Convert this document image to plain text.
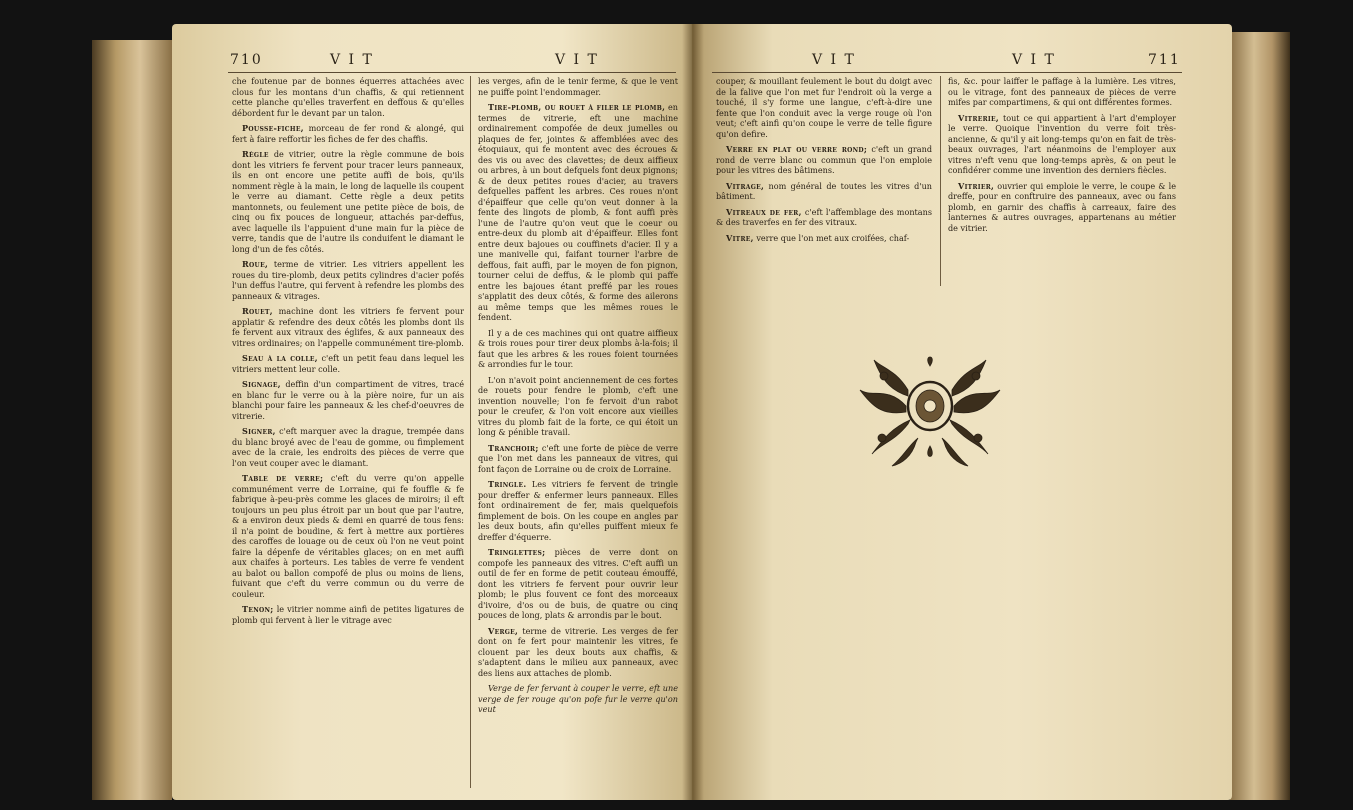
710	V I T	V I T

che foutenue par de bonnes équerres attachées avec clous fur les montans d'un chaffis, & qui retiennent cette planche qu'elles traverfent en deffous & qu'elles débordent fur le devant par un talon.

Pousse-fiche, morceau de fer rond & alongé, qui fert à faire reffortir les fiches de fer des chaffis.

Règle de vitrier, outre la règle commune de bois dont les vitriers fe fervent pour tracer leurs panneaux, ils en ont encore une petite auffi de bois, qu'ils nomment règle à la main, le long de laquelle ils coupent le verre au diamant. Cette règle a deux petits mantonnets, ou feulement une petite pièce de bois, de cinq ou fix pouces de longueur, attachés par-deffus, avec laquelle ils l'appuient d'une main fur la pièce de verre, tandis que de l'autre ils conduifent le diamant le long d'un de fes côtés.

Roue, terme de vitrier. Les vitriers appellent les roues du tire-plomb, deux petits cylindres d'acier pofés l'un deffus l'autre, qui fervent à refendre les plombs des panneaux & vitrages.

Rouet, machine dont les vitriers fe fervent pour applatir & refendre des deux côtés les plombs dont ils fe fervent aux vitraux des églifes, & aux panneaux des vitres ordinaires; on l'appelle communément tire-plomb.

Seau à la colle, c'eft un petit feau dans lequel les vitriers mettent leur colle.

Signage, deffin d'un compartiment de vitres, tracé en blanc fur le verre ou à la pière noire, fur un ais blanchi pour faire les panneaux & les chef-d'oeuvres de vitrerie.

Signer, c'eft marquer avec la drague, trempée dans du blanc broyé avec de l'eau de gomme, ou fimplement avec de la craie, les endroits des pièces de verre que l'on veut couper avec le diamant.

Table de verre; c'eft du verre qu'on appelle communément verre de Lorraine, qui fe fouffle & fe fabrique à-peu-près comme les glaces de miroirs; il eft toujours un peu plus étroit par un bout que par l'autre, & a environ deux pieds & demi en quarré de tous fens: il n'a point de boudine, & fert à mettre aux portières des caroffes de louage ou de ceux où l'on ne veut point faire la dépenfe de véritables glaces; on en met auffi aux chaifes à porteurs. Les tables de verre fe vendent au balot ou ballon compofé de plus ou moins de liens, fuivant que c'eft du verre commun ou du verre de couleur.

Tenon; le vitrier nomme ainfi de petites ligatures de plomb qui fervent à lier le vitrage avec

les verges, afin de le tenir ferme, & que le vent ne puiffe point l'endommager.

Tire-plomb, ou rouet à filer le plomb, en termes de vitrerie, eft une machine ordinairement compofée de deux jumelles ou plaques de fer, jointes & affemblées avec des étoquiaux, qui fe montent avec des écroues & des vis ou avec des clavettes; de deux aiffieux ou arbres, à un bout defquels font deux pignons; & de deux petites roues d'acier, au travers defquelles paffent les arbres. Ces roues n'ont d'épaiffeur que celle qu'on veut donner à la fente des lingots de plomb, & font auffi près l'une de l'autre qu'on veut que le coeur ou entre-deux du plomb ait d'épaiffeur. Elles font entre deux bajoues ou couffinets d'acier. Il y a une manivelle qui, faifant tourner l'arbre de deffous, fait auffi, par le moyen de fon pignon, tourner celui de deffus, & le plomb qui paffe entre les bajoues étant preffé par les roues s'applatit des deux côtés, & forme des ailerons au même temps que les mêmes roues le fendent.

Il y a de ces machines qui ont quatre aiffieux & trois roues pour tirer deux plombs à-la-fois; il faut que les arbres & les roues foient tournées & arrondies fur le tour.

L'on n'avoit point anciennement de ces fortes de rouets pour fendre le plomb, c'eft une invention nouvelle; l'on fe fervoit d'un rabot pour le creufer, & l'on voit encore aux vieilles vitres du plomb fait de la forte, ce qui étoit un long & pénible travail.

Tranchoir; c'eft une forte de pièce de verre que l'on met dans les panneaux de vitres, qui font façon de Lorraine ou de croix de Lorraine.

Tringle. Les vitriers fe fervent de tringle pour dreffer & enfermer leurs panneaux. Elles font ordinairement de fer, mais quelquefois fimplement de bois. On les coupe en angles par les deux bouts, afin qu'elles puiffent mieux fe dreffer d'équerre.

Tringlettes; pièces de verre dont on compofe les panneaux des vitres. C'eft auffi un outil de fer en forme de petit couteau émouffé, dont les vitriers fe fervent pour ouvrir leur plomb; le plus fouvent ce font des morceaux d'ivoire, d'os ou de buis, de quatre ou cinq pouces de long, plats & arrondis par le bout.

Verge, terme de vitrerie. Les verges de fer dont on fe fert pour maintenir les vitres, fe clouent par les deux bouts aux chaffis, & s'adaptent dans le milieu aux panneaux, avec des liens aux attaches de plomb.

Verge de fer fervant à couper le verre, eft une verge de fer rouge qu'on pofe fur le verre qu'on veut

V I T	V I T	711

couper, & mouillant feulement le bout du doigt avec de la falive que l'on met fur l'endroit où la verge a touché, il s'y forme une langue, c'eft-à-dire une fente que l'on conduit avec la verge rouge où l'on veut; c'eft ainfi qu'on coupe le verre de telle figure qu'on defire.

Verre en plat ou verre rond; c'eft un grand rond de verre blanc ou commun que l'on emploie pour les vitres des bâtimens.

Vitrage, nom général de toutes les vitres d'un bâtiment.

Vitreaux de fer, c'eft l'affemblage des montans & des traverfes en fer des vitraux.

Vitre, verre que l'on met aux croifées, chaf-

fis, &c. pour laiffer le paffage à la lumière. Les vitres, ou le vitrage, font des panneaux de pièces de verre mifes par compartimens, & qui ont différentes formes.

Vitrerie, tout ce qui appartient à l'art d'employer le verre. Quoique l'invention du verre foit très-ancienne, & qu'il y ait long-temps qu'on en fait de très-beaux ouvrages, l'art néanmoins de l'employer aux vitres n'eft venu que long-temps après, & on peut le confidérer comme une invention des derniers fiècles.

Vitrier, ouvrier qui emploie le verre, le coupe & le dreffe, pour en conftruire des panneaux, avec ou fans plomb, en garnir des chaffis à carreaux, faire des lanternes & autres ouvrages, appartenans au métier de vitrier.
